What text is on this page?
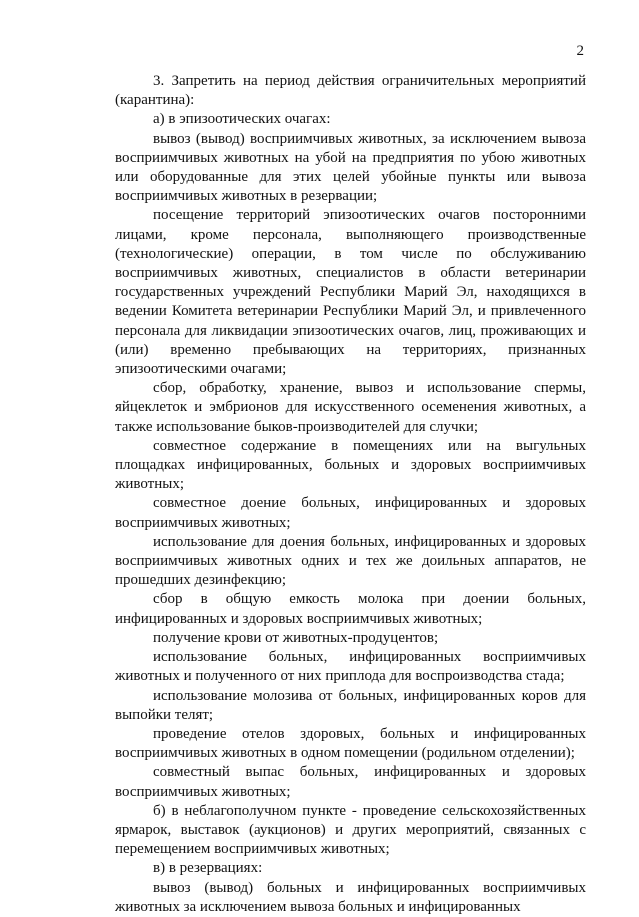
2

3. Запретить на период действия ограничительных мероприятий (карантина):

а) в эпизоотических очагах:

вывоз (вывод) восприимчивых животных, за исключением вывоза восприимчивых животных на убой на предприятия по убою животных или оборудованные для этих целей убойные пункты или вывоза восприимчивых животных в резервации;

посещение территорий эпизоотических очагов посторонними лицами, кроме персонала, выполняющего производственные (технологические) операции, в том числе по обслуживанию восприимчивых животных, специалистов в области ветеринарии государственных учреждений Республики Марий Эл, находящихся в ведении Комитета ветеринарии Республики Марий Эл, и привлеченного персонала для ликвидации эпизоотических очагов, лиц, проживающих и (или) временно пребывающих на территориях, признанных эпизоотическими очагами;

сбор, обработку, хранение, вывоз и использование спермы, яйцеклеток и эмбрионов для искусственного осеменения животных, а также использование быков-производителей для случки;

совместное содержание в помещениях или на выгульных площадках инфицированных, больных и здоровых восприимчивых животных;

совместное доение больных, инфицированных и здоровых восприимчивых животных;

использование для доения больных, инфицированных и здоровых восприимчивых животных одних и тех же доильных аппаратов, не прошедших дезинфекцию;

сбор в общую емкость молока при доении больных, инфицированных и здоровых восприимчивых животных;

получение крови от животных-продуцентов;

использование больных, инфицированных восприимчивых животных и полученного от них приплода для воспроизводства стада;

использование молозива от больных, инфицированных коров для выпойки телят;

проведение отелов здоровых, больных и инфицированных восприимчивых животных в одном помещении (родильном отделении);

совместный выпас больных, инфицированных и здоровых восприимчивых животных;

б) в неблагополучном пункте - проведение сельскохозяйственных ярмарок, выставок (аукционов) и других мероприятий, связанных с перемещением восприимчивых животных;

в) в резервациях:

вывоз (вывод) больных и инфицированных восприимчивых животных за исключением вывоза больных и инфицированных
